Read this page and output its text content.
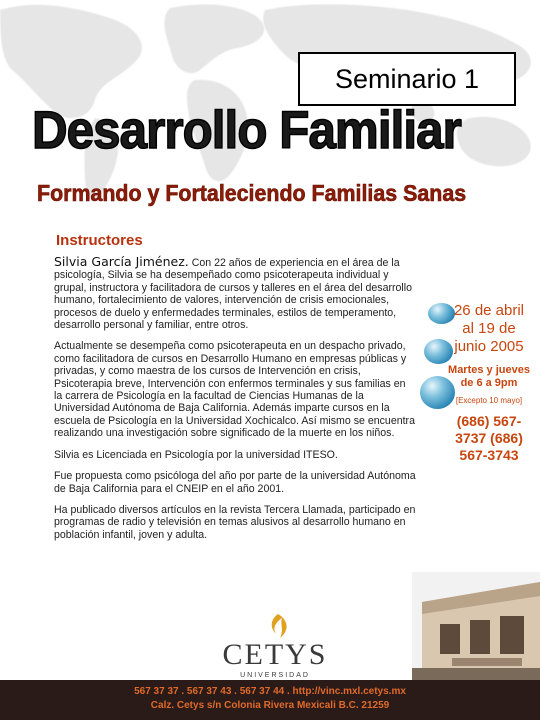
Seminario 1
Desarrollo Familiar
Formando y Fortaleciendo Familias Sanas
Instructores

Silvia García Jiménez. Con 22 años de experiencia en el área de la psicología, Silvia se ha desempeñado como psicoterapeuta individual y grupal, instructora y facilitadora de cursos y talleres en el área del desarrollo humano, fortalecimiento de valores, intervención de crisis emocionales, procesos de duelo y enfermedades terminales, estilos de temperamento, desarrollo personal y familiar, entre otros.

Actualmente se desempeña como psicoterapeuta en un despacho privado, como facilitadora de cursos en Desarrollo Humano en empresas públicas y privadas, y como maestra de los cursos de Intervención en crisis, Psicoterapia breve, Intervención con enfermos terminales y sus familias en la carrera de Psicología en la facultad de Ciencias Humanas de la Universidad Autónoma de Baja California. Además imparte cursos en la escuela de Psicología en la Universidad Xochicalco. Así mismo se encuentra realizando una investigación sobre significado de la muerte en los niños.

Silvia es Licenciada en Psicología por la universidad ITESO.

Fue propuesta como psicóloga del año por parte de la universidad Autónoma de Baja California para el CNEIP en el año 2001.

Ha publicado diversos artículos en la revista Tercera Llamada, participado en programas de radio y televisión en temas alusivos al desarrollo humano en población infantil, joven y adulta.

26 de abril al 19 de junio 2005
Martes y jueves de 6 a 9pm
[Excepto 10 mayo]
(686) 567-3737 (686) 567-3743
CETYS
UNIVERSIDAD
567 37 37 . 567 37 43 . 567 37 44 . http://vinc.mxl.cetys.mx
Calz. Cetys s/n Colonia Rivera Mexicali B.C. 21259
